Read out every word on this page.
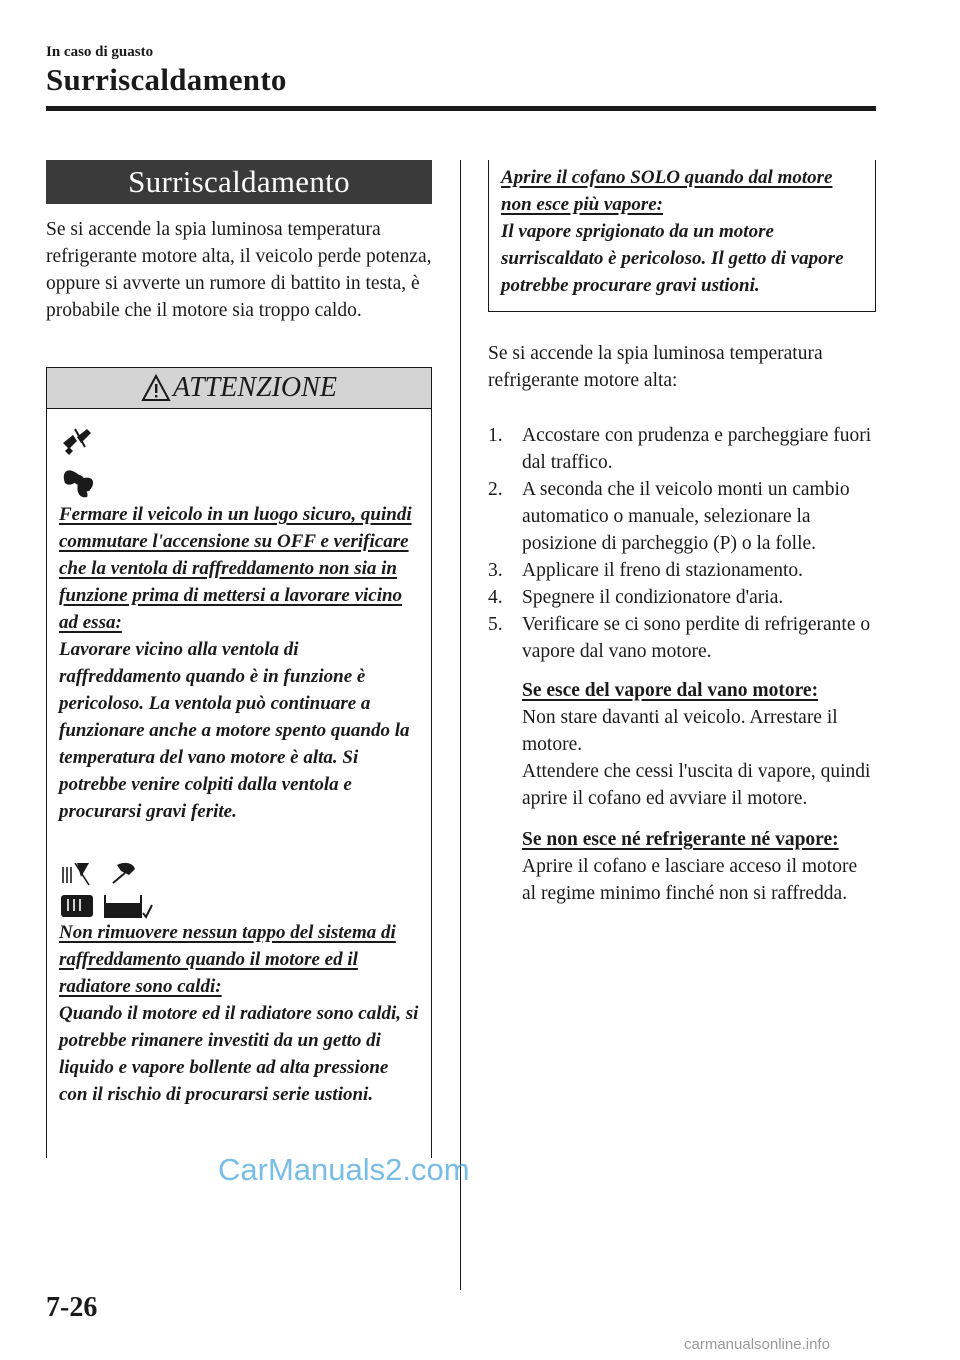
In caso di guasto
Surriscaldamento
Surriscaldamento

Se si accende la spia luminosa temperatura refrigerante motore alta, il veicolo perde potenza, oppure si avverte un rumore di battito in testa, è probabile che il motore sia troppo caldo.

ATTENZIONE
Fermare il veicolo in un luogo sicuro, quindi commutare l'accensione su OFF e verificare che la ventola di raffreddamento non sia in funzione prima di mettersi a lavorare vicino ad essa:
Lavorare vicino alla ventola di raffreddamento quando è in funzione è pericoloso. La ventola può continuare a funzionare anche a motore spento quando la temperatura del vano motore è alta. Si potrebbe venire colpiti dalla ventola e procurarsi gravi ferite.
Non rimuovere nessun tappo del sistema di raffreddamento quando il motore ed il radiatore sono caldi:
Quando il motore ed il radiatore sono caldi, si potrebbe rimanere investiti da un getto di liquido e vapore bollente ad alta pressione con il rischio di procurarsi serie ustioni.
Aprire il cofano SOLO quando dal motore non esce più vapore:
Il vapore sprigionato da un motore surriscaldato è pericoloso. Il getto di vapore potrebbe procurare gravi ustioni.

Se si accende la spia luminosa temperatura refrigerante motore alta:

1. Accostare con prudenza e parcheggiare fuori dal traffico.
2. A seconda che il veicolo monti un cambio automatico o manuale, selezionare la posizione di parcheggio (P) o la folle.
3. Applicare il freno di stazionamento.
4. Spegnere il condizionatore d'aria.
5. Verificare se ci sono perdite di refrigerante o vapore dal vano motore.
Se esce del vapore dal vano motore:
Non stare davanti al veicolo. Arrestare il motore.
Attendere che cessi l'uscita di vapore, quindi aprire il cofano ed avviare il motore.
Se non esce né refrigerante né vapore:
Aprire il cofano e lasciare acceso il motore al regime minimo finché non si raffredda.
7-26
CarManuals2.com
carmanualsonline.info
